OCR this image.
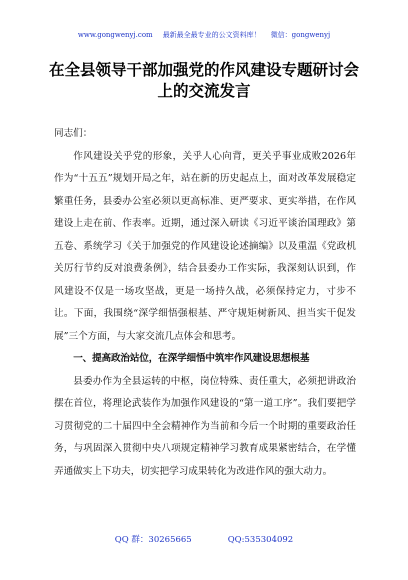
www.gongwenyj.com 最新最全最专业的公文资料库！ 微信：gongwenyj
在全县领导干部加强党的作风建设专题研讨会上的交流发言

同志们：

作风建设关乎党的形象，关乎人心向背，更关乎事业成败2026年作为“十五五”规划开局之年，站在新的历史起点上，面对改革发展稳定繁重任务，县委办公室必须以更高标准、更严要求、更实举措，在作风建设上走在前、作表率。近期，通过深入研读《习近平谈治国理政》第五卷、系统学习《关于加强党的作风建设论述摘编》以及重温《党政机关厉行节约反对浪费条例》，结合县委办工作实际，我深刻认识到，作风建设不仅是一场攻坚战，更是一场持久战，必须保持定力，寸步不让。下面，我围绕“深学细悟强根基、严守规矩树新风、担当实干促发展”三个方面，与大家交流几点体会和思考。

一、提高政治站位，在深学细悟中筑牢作风建设思想根基

县委办作为全县运转的中枢，岗位特殊、责任重大，必须把讲政治摆在首位，将理论武装作为加强作风建设的“第一道工序”。我们要把学习贯彻党的二十届四中全会精神作为当前和今后一个时期的重要政治任务，与巩固深入贯彻中央八项规定精神学习教育成果紧密结合，在学懂弄通做实上下功夫，切实把学习成果转化为改进作风的强大动力。

QQ 群：30265665	QQ:535304092
